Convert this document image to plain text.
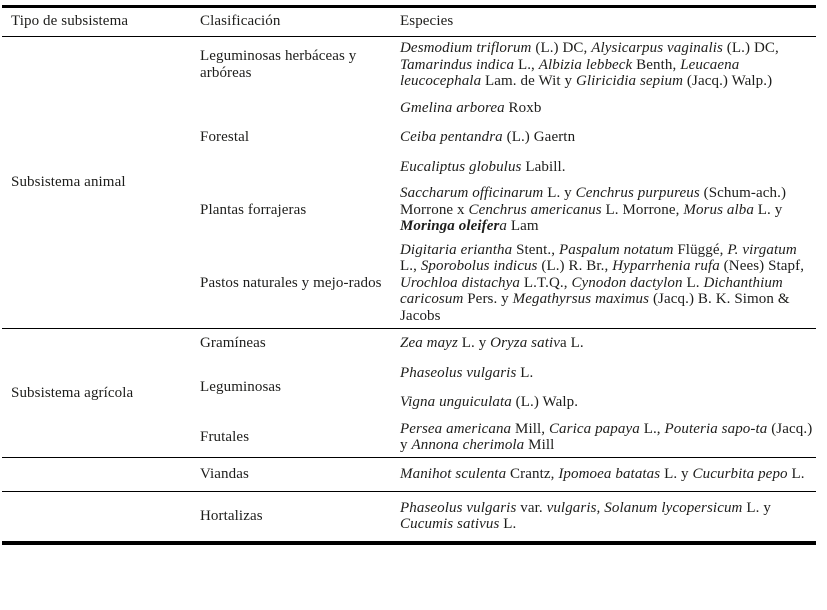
Tipo de subsistema	Clasificación	Especies
Subsistema animal	Leguminosas herbáceas y arbóreas	Desmodium triflorum (L.) DC, Alysicarpus vaginalis (L.) DC, Tamarindus indica L., Albizia lebbeck Benth, Leucaena leucocephala Lam. de Wit y Gliricidia sepium (Jacq.) Walp.)
	Forestal	Gmelina arborea Roxb
		Ceiba pentandra (L.) Gaertn
		Eucaliptus globulus Labill.
	Plantas forrajeras	Saccharum officinarum L. y Cenchrus purpureus (Schum-ach.) Morrone x Cenchrus americanus L. Morrone, Morus alba L. y Moringa oleifera Lam
	Pastos naturales y mejo-rados	Digitaria eriantha Stent., Paspalum notatum Flüggé, P. virgatum L., Sporobolus indicus (L.) R. Br., Hyparrhenia rufa (Nees) Stapf, Urochloa distachya L.T.Q., Cynodon dactylon L. Dichanthium caricosum Pers. y Megathyrsus maximus (Jacq.) B. K. Simon & Jacobs
Subsistema agrícola	Gramíneas	Zea mayz L. y Oryza sativa L.
	Leguminosas	Phaseolus vulgaris L.
		Vigna unguiculata (L.) Walp.
	Frutales	Persea americana Mill, Carica papaya L., Pouteria sapo-ta (Jacq.) y Annona cherimola Mill
	Viandas	Manihot sculenta Crantz, Ipomoea batatas L. y Cucurbita pepo L.
	Hortalizas	Phaseolus vulgaris var. vulgaris, Solanum lycopersicum L. y Cucumis sativus L.
